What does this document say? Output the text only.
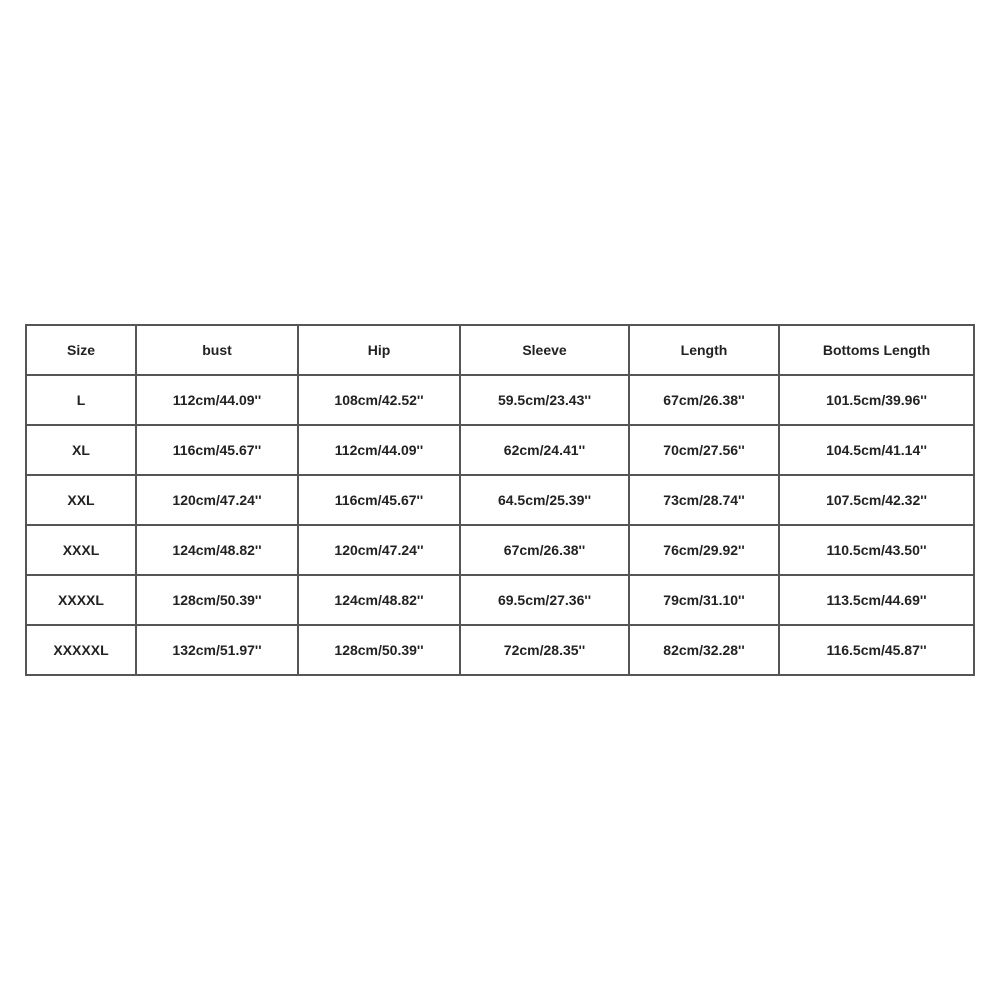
Size	bust	Hip	Sleeve	Length	Bottoms Length
L	112cm/44.09''	108cm/42.52''	59.5cm/23.43''	67cm/26.38''	101.5cm/39.96''
XL	116cm/45.67''	112cm/44.09''	62cm/24.41''	70cm/27.56''	104.5cm/41.14''
XXL	120cm/47.24''	116cm/45.67''	64.5cm/25.39''	73cm/28.74''	107.5cm/42.32''
XXXL	124cm/48.82''	120cm/47.24''	67cm/26.38''	76cm/29.92''	110.5cm/43.50''
XXXXL	128cm/50.39''	124cm/48.82''	69.5cm/27.36''	79cm/31.10''	113.5cm/44.69''
XXXXXL	132cm/51.97''	128cm/50.39''	72cm/28.35''	82cm/32.28''	116.5cm/45.87''
